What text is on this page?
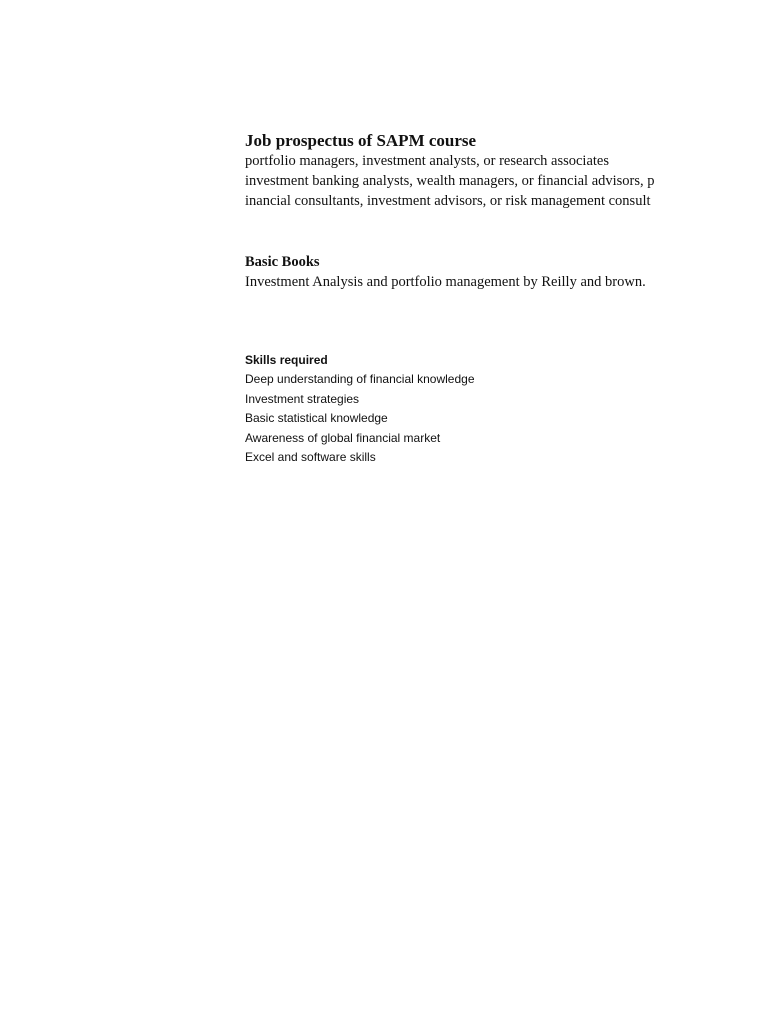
Job prospectus of SAPM course

portfolio managers, investment analysts, or research associates

investment banking analysts, wealth managers, or financial advisors, p

inancial consultants, investment advisors, or risk management consult

Basic Books

Investment Analysis and portfolio management by Reilly and brown.

Skills required
Deep understanding of financial knowledge
Investment strategies
Basic statistical knowledge
Awareness of global financial market
Excel and software skills
